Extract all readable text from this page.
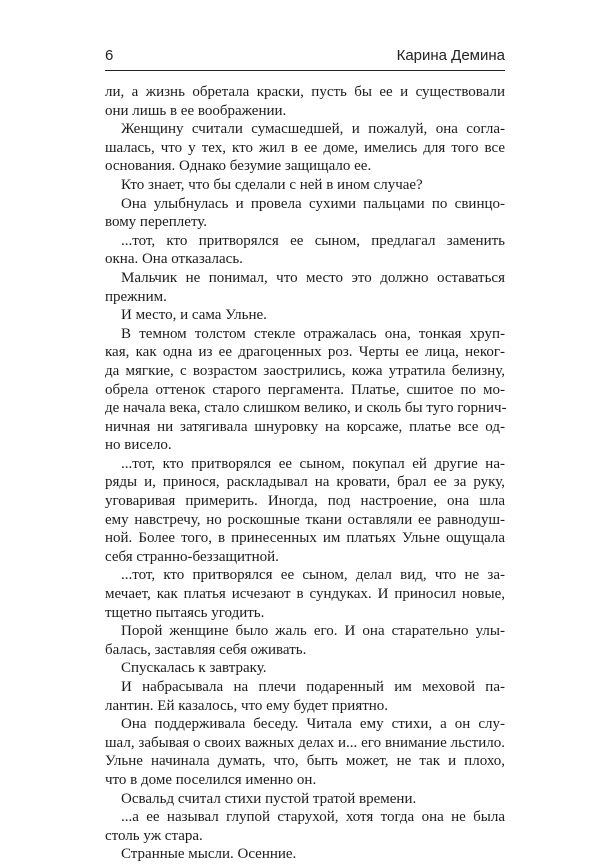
6	Карина Демина
ли, а жизнь обретала краски, пусть бы ее и существовали
они лишь в ее воображении.
Женщину считали сумасшедшей, и пожалуй, она согла-
шалась, что у тех, кто жил в ее доме, имелись для того все
основания. Однако безумие защищало ее.
Кто знает, что бы сделали с ней в ином случае?
Она улыбнулась и провела сухими пальцами по свинцо-
вому переплету.
...тот, кто притворялся ее сыном, предлагал заменить
окна. Она отказалась.
Мальчик не понимал, что место это должно оставаться
прежним.
И место, и сама Ульне.
В темном толстом стекле отражалась она, тонкая хруп-
кая, как одна из ее драгоценных роз. Черты ее лица, неког-
да мягкие, с возрастом заострились, кожа утратила белизну,
обрела оттенок старого пергамента. Платье, сшитое по мо-
де начала века, стало слишком велико, и сколь бы туго горнич-
ничная ни затягивала шнуровку на корсаже, платье все од-
но висело.
...тот, кто притворялся ее сыном, покупал ей другие на-
ряды и, принося, раскладывал на кровати, брал ее за руку,
уговаривая примерить. Иногда, под настроение, она шла
ему навстречу, но роскошные ткани оставляли ее равнодуш-
ной. Более того, в принесенных им платьях Ульне ощущала
себя странно-беззащитной.
...тот, кто притворялся ее сыном, делал вид, что не за-
мечает, как платья исчезают в сундуках. И приносил новые,
тщетно пытаясь угодить.
Порой женщине было жаль его. И она старательно улы-
балась, заставляя себя оживать.
Спускалась к завтраку.
И набрасывала на плечи подаренный им меховой па-
лантин. Ей казалось, что ему будет приятно.
Она поддерживала беседу. Читала ему стихи, а он слу-
шал, забывая о своих важных делах и... его внимание льстило.
Ульне начинала думать, что, быть может, не так и плохо,
что в доме поселился именно он.
Освальд считал стихи пустой тратой времени.
...а ее называл глупой старухой, хотя тогда она не была
столь уж стара.
Странные мысли. Осенние.
